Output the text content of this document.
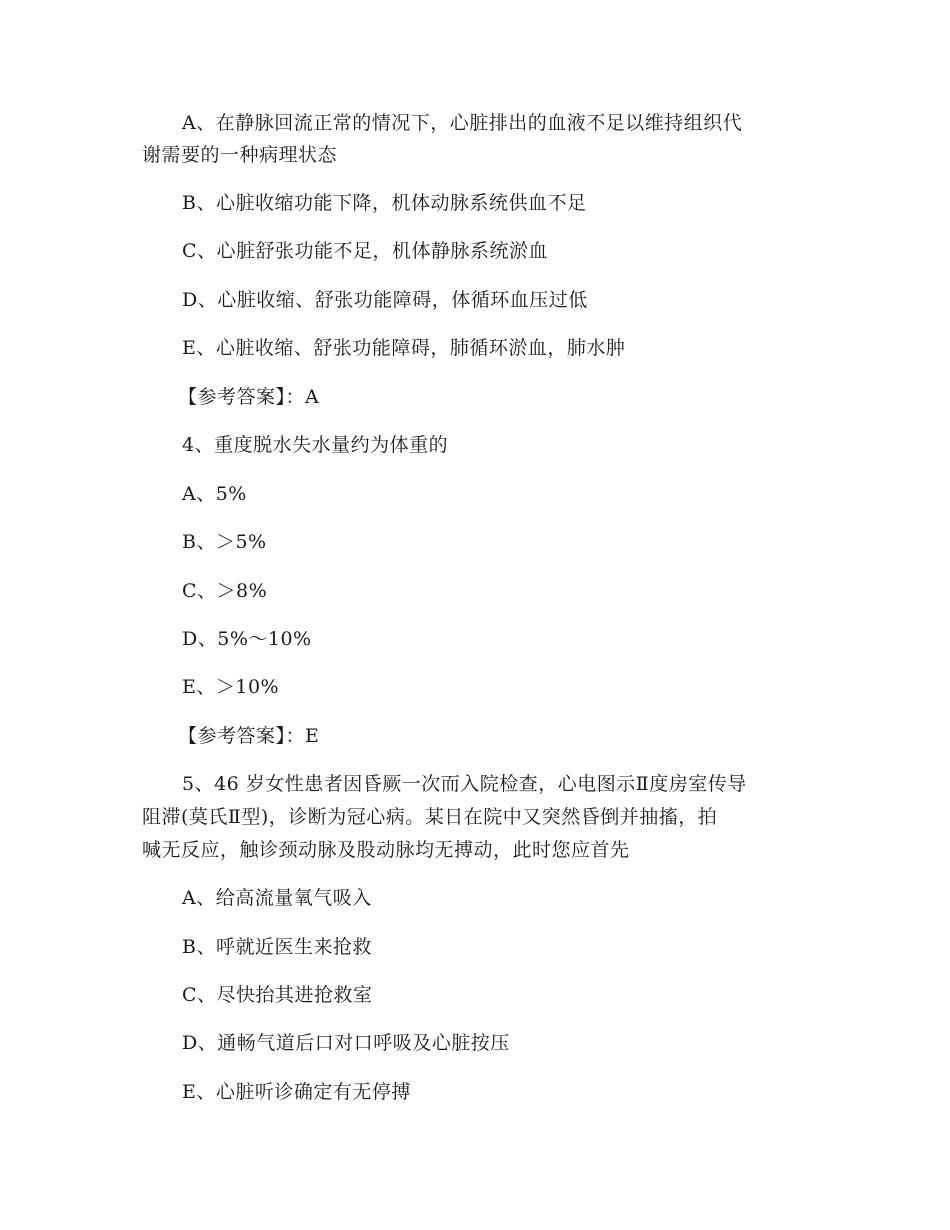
A、在静脉回流正常的情况下，心脏排出的血液不足以维持组织代
谢需要的一种病理状态
B、心脏收缩功能下降，机体动脉系统供血不足
C、心脏舒张功能不足，机体静脉系统淤血
D、心脏收缩、舒张功能障碍，体循环血压过低
E、心脏收缩、舒张功能障碍，肺循环淤血，肺水肿
【参考答案】：A
4、重度脱水失水量约为体重的
A、5%
B、＞5%
C、＞8%
D、5%～10%
E、＞10%
【参考答案】：E
5、46 岁女性患者因昏厥一次而入院检查，心电图示Ⅱ度房室传导
阻滞(莫氏Ⅱ型)，诊断为冠心病。某日在院中又突然昏倒并抽搐，拍
喊无反应，触诊颈动脉及股动脉均无搏动，此时您应首先
A、给高流量氧气吸入
B、呼就近医生来抢救
C、尽快抬其进抢救室
D、通畅气道后口对口呼吸及心脏按压
E、心脏听诊确定有无停搏
